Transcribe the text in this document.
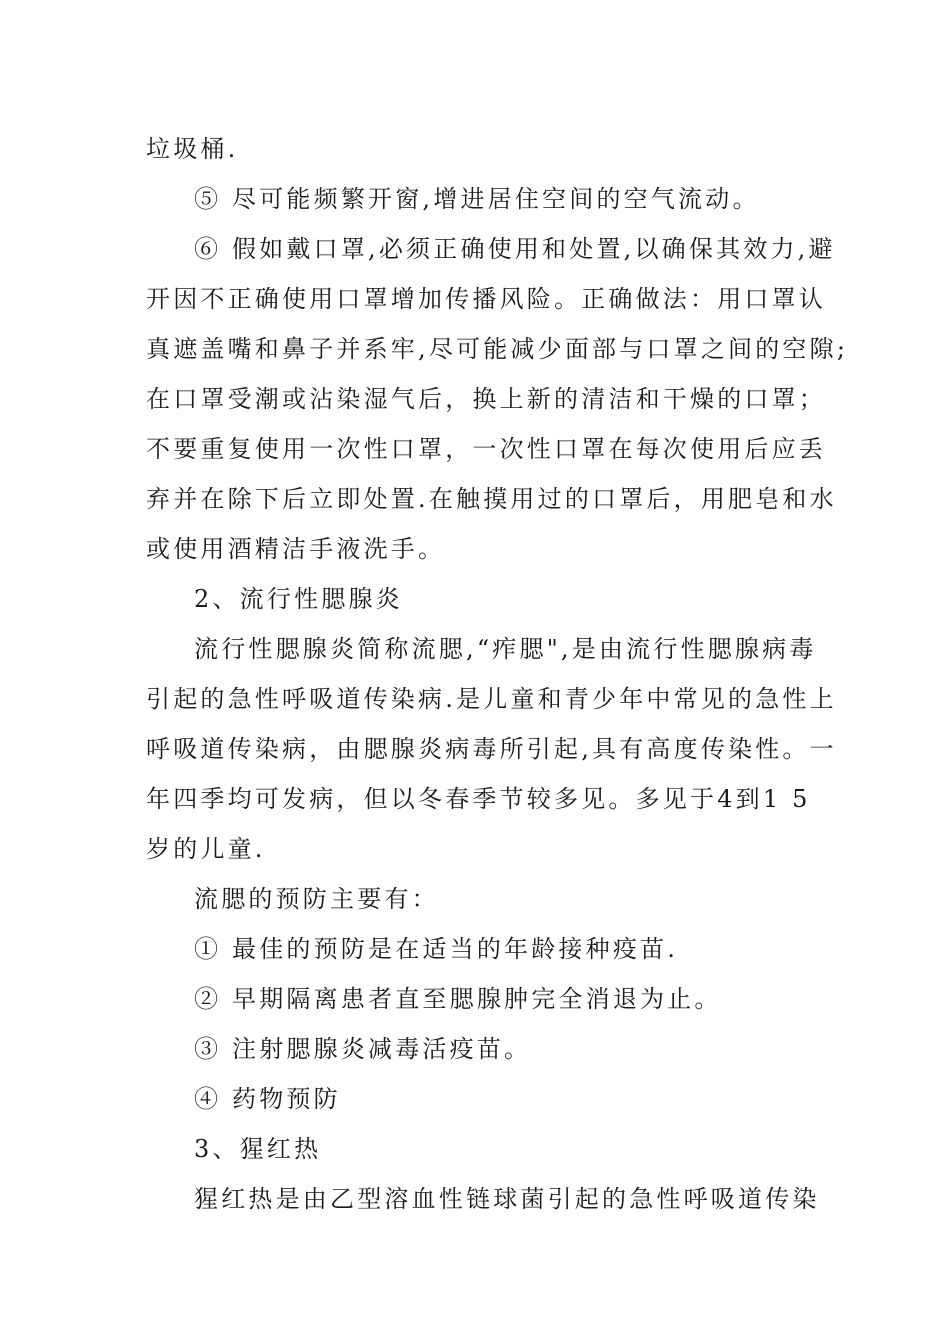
垃圾桶.
⑤ 尽可能频繁开窗,增进居住空间的空气流动。
⑥ 假如戴口罩,必须正确使用和处置,以确保其效力,避
开因不正确使用口罩增加传播风险。正确做法：用口罩认
真遮盖嘴和鼻子并系牢,尽可能减少面部与口罩之间的空隙;
在口罩受潮或沾染湿气后，换上新的清洁和干燥的口罩；
不要重复使用一次性口罩，一次性口罩在每次使用后应丢
弃并在除下后立即处置.在触摸用过的口罩后，用肥皂和水
或使用酒精洁手液洗手。
2、流行性腮腺炎
流行性腮腺炎简称流腮,“痄腮",是由流行性腮腺病毒
引起的急性呼吸道传染病.是儿童和青少年中常见的急性上
呼吸道传染病，由腮腺炎病毒所引起,具有高度传染性。一
年四季均可发病，但以冬春季节较多见。多见于4到1 5
岁的儿童.
流腮的预防主要有：
① 最佳的预防是在适当的年龄接种疫苗.
② 早期隔离患者直至腮腺肿完全消退为止。
③ 注射腮腺炎减毒活疫苗。
④ 药物预防
3、猩红热
猩红热是由乙型溶血性链球菌引起的急性呼吸道传染
